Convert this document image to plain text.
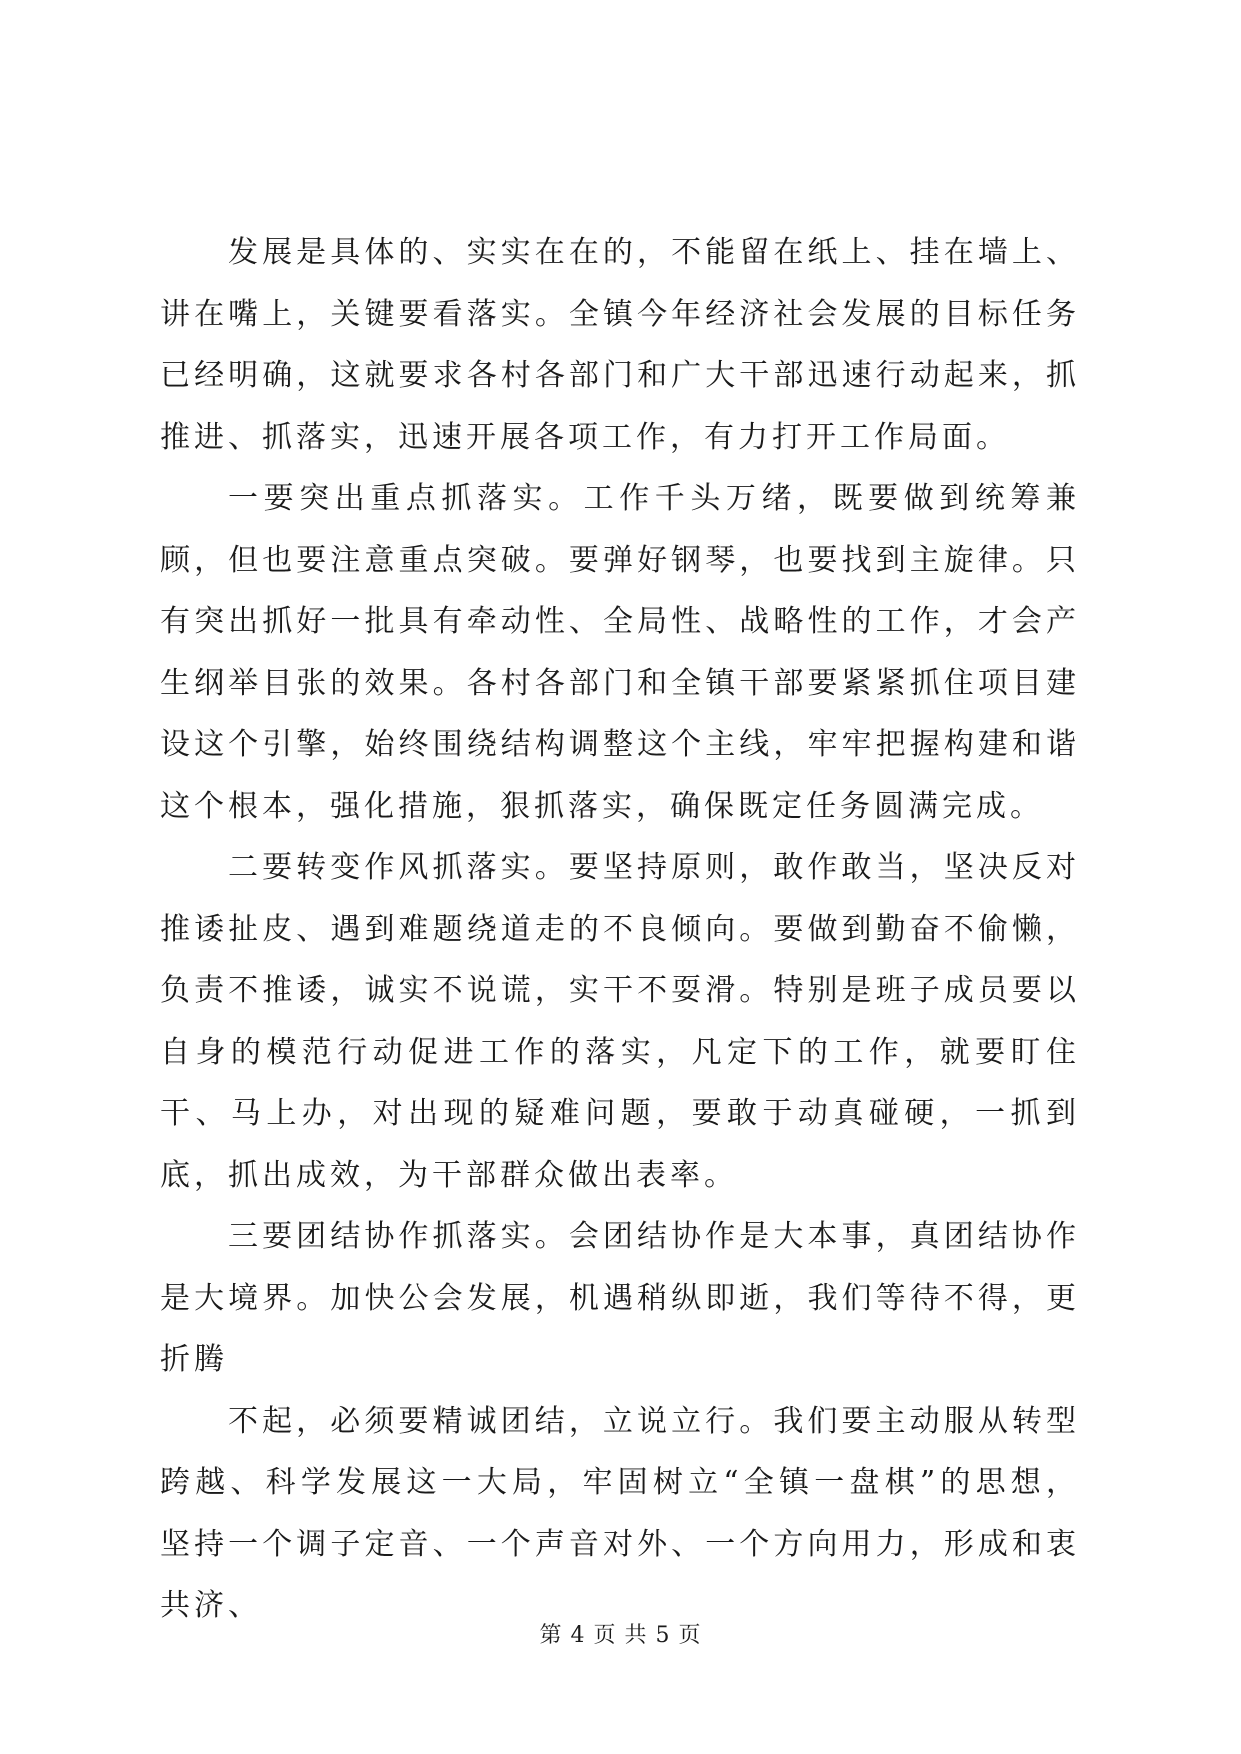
发展是具体的、实实在在的，不能留在纸上、挂在墙上、讲在嘴上，关键要看落实。全镇今年经济社会发展的目标任务已经明确，这就要求各村各部门和广大干部迅速行动起来，抓推进、抓落实，迅速开展各项工作，有力打开工作局面。

一要突出重点抓落实。工作千头万绪，既要做到统筹兼顾，但也要注意重点突破。要弹好钢琴，也要找到主旋律。只有突出抓好一批具有牵动性、全局性、战略性的工作，才会产生纲举目张的效果。各村各部门和全镇干部要紧紧抓住项目建设这个引擎，始终围绕结构调整这个主线，牢牢把握构建和谐这个根本，强化措施，狠抓落实，确保既定任务圆满完成。

二要转变作风抓落实。要坚持原则，敢作敢当，坚决反对推诿扯皮、遇到难题绕道走的不良倾向。要做到勤奋不偷懒，负责不推诿，诚实不说谎，实干不耍滑。特别是班子成员要以自身的模范行动促进工作的落实，凡定下的工作，就要盯住干、马上办，对出现的疑难问题，要敢于动真碰硬，一抓到底，抓出成效，为干部群众做出表率。

三要团结协作抓落实。会团结协作是大本事，真团结协作是大境界。加快公会发展，机遇稍纵即逝，我们等待不得，更折腾

不起，必须要精诚团结，立说立行。我们要主动服从转型跨越、科学发展这一大局，牢固树立“全镇一盘棋”的思想，坚持一个调子定音、一个声音对外、一个方向用力，形成和衷共济、

第 4 页 共 5 页
